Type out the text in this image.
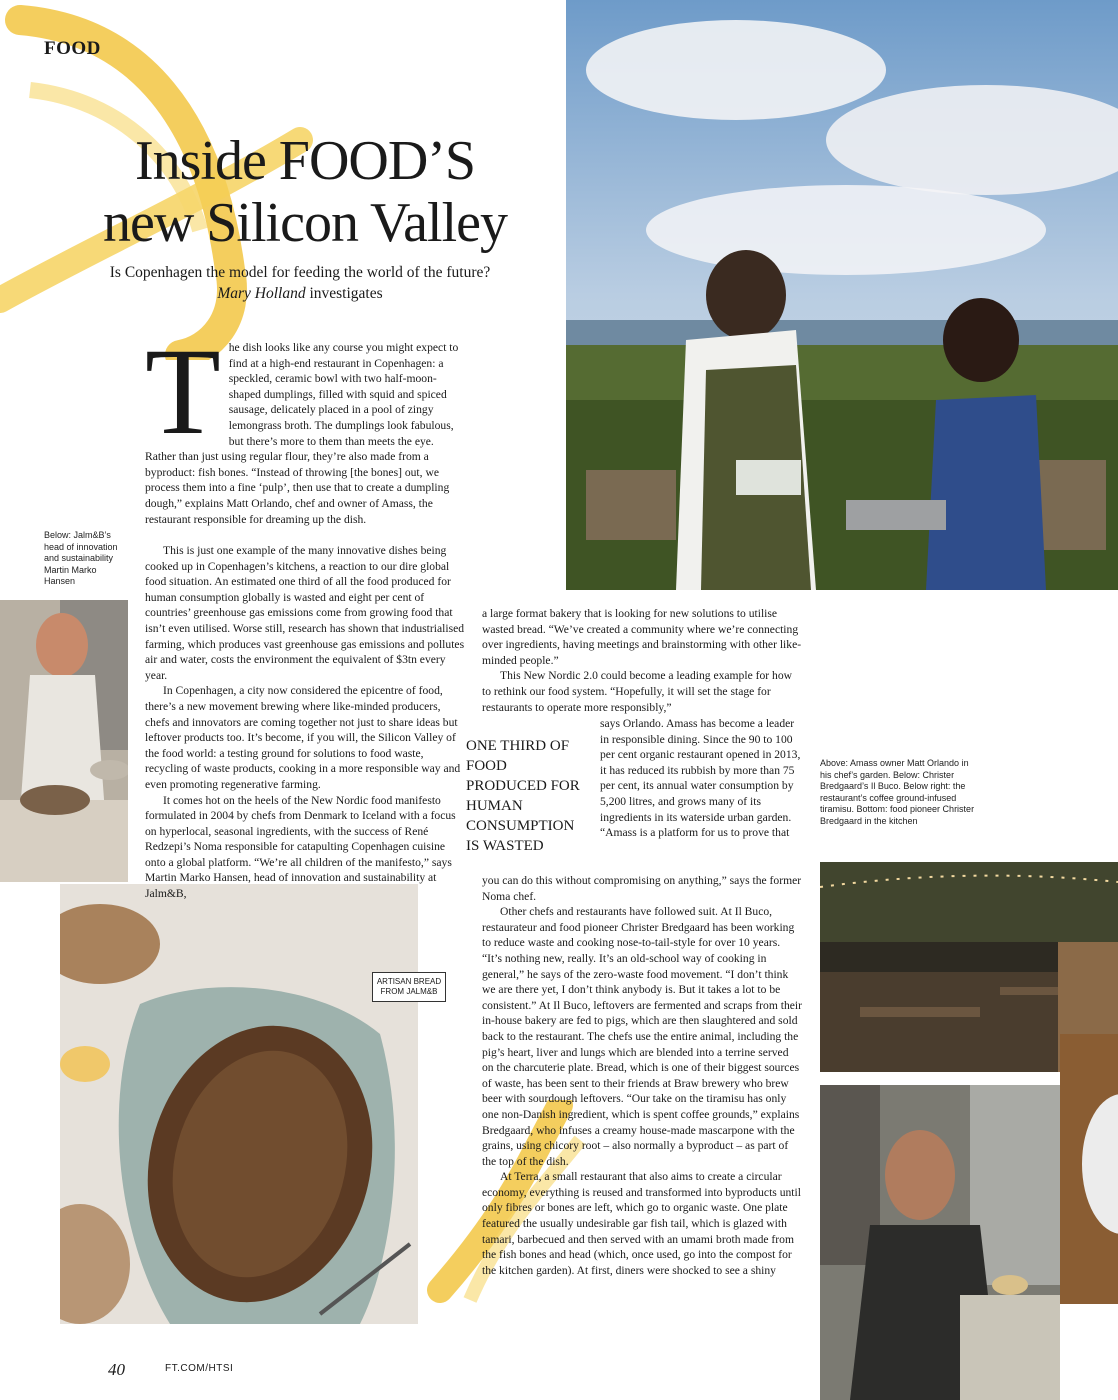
FOOD
Inside FOOD’S
new Silicon Valley
Is Copenhagen the model for feeding the world of the future? Mary Holland investigates
Below: Jalm&B’s head of innovation and sustainability Martin Marko Hansen
T he dish looks like any course you might expect to find at a high-end restaurant in Copenhagen: a speckled, ceramic bowl with two half-moon-shaped dumplings, filled with squid and spiced sausage, delicately placed in a pool of zingy lemongrass broth. The dumplings look fabulous, but there’s more to them than meets the eye. Rather than just using regular flour, they’re also made from a byproduct: fish bones. “Instead of throwing [the bones] out, we process them into a fine ‘pulp’, then use that to create a dumpling dough,” explains Matt Orlando, chef and owner of Amass, the restaurant responsible for dreaming up the dish.

This is just one example of the many innovative dishes being cooked up in Copenhagen’s kitchens, a reaction to our dire global food situation. An estimated one third of all the food produced for human consumption globally is wasted and eight per cent of countries’ greenhouse gas emissions come from growing food that isn’t even utilised. Worse still, research has shown that industrialised farming, which produces vast greenhouse gas emissions and pollutes air and water, costs the environment the equivalent of $3tn every year.

In Copenhagen, a city now considered the epicentre of food, there’s a new movement brewing where like-minded producers, chefs and innovators are coming together not just to share ideas but leftover products too. It’s become, if you will, the Silicon Valley of the food world: a testing ground for solutions to food waste, recycling of waste products, cooking in a more responsible way and even promoting regenerative farming.

It comes hot on the heels of the New Nordic food manifesto formulated in 2004 by chefs from Denmark to Iceland with a focus on hyperlocal, seasonal ingredients, with the success of René Redzepi’s Noma responsible for catapulting Copenhagen cuisine onto a global platform. “We’re all children of the manifesto,” says Martin Marko Hansen, head of innovation and sustainability at Jalm&B,

a large format bakery that is looking for new solutions to utilise wasted bread. “We’ve created a community where we’re connecting over ingredients, having meetings and brainstorming with other like-minded people.”

This New Nordic 2.0 could become a leading example for how to rethink our food system. “Hopefully, it will set the stage for restaurants to operate more responsibly,”

ONE THIRD OF FOOD PRODUCED FOR HUMAN CONSUMPTION IS WASTED

says Orlando. Amass has become a leader in responsible dining. Since the 90 to 100 per cent organic restaurant opened in 2013, it has reduced its rubbish by more than 75 per cent, its annual water consumption by 5,200 litres, and grows many of its ingredients in its waterside urban garden. “Amass is a platform for us to prove that

you can do this without compromising on anything,” says the former Noma chef.

Other chefs and restaurants have followed suit. At Il Buco, restaurateur and food pioneer Christer Bredgaard has been working to reduce waste and cooking nose-to-tail-style for over 10 years. “It’s nothing new, really. It’s an old-school way of cooking in general,” he says of the zero-waste food movement. “I don’t think we are there yet, I don’t think anybody is. But it takes a lot to be consistent.” At Il Buco, leftovers are fermented and scraps from their in-house bakery are fed to pigs, which are then slaughtered and sold back to the restaurant. The chefs use the entire animal, including the pig’s heart, liver and lungs which are blended into a terrine served on the charcuterie plate. Bread, which is one of their biggest sources of waste, has been sent to their friends at Braw brewery who brew beer with sourdough leftovers. “Our take on the tiramisu has only one non-Danish ingredient, which is spent coffee grounds,” explains Bredgaard, who infuses a creamy house-made mascarpone with the grains, using chicory root – also normally a byproduct – as part of the top of the dish.

At Terra, a small restaurant that also aims to create a circular economy, everything is reused and transformed into byproducts until only fibres or bones are left, which go to organic waste. One plate featured the usually undesirable gar fish tail, which is glazed with tamari, barbecued and then served with an umami broth made from the fish bones and head (which, once used, go into the compost for the kitchen garden). At first, diners were shocked to see a shiny

Above: Amass owner Matt Orlando in his chef’s garden. Below: Christer Bredgaard’s Il Buco. Below right: the restaurant’s coffee ground-infused tiramisu. Bottom: food pioneer Christer Bredgaard in the kitchen
ARTISAN BREAD FROM JALM&B
40	FT.COM/HTSI
